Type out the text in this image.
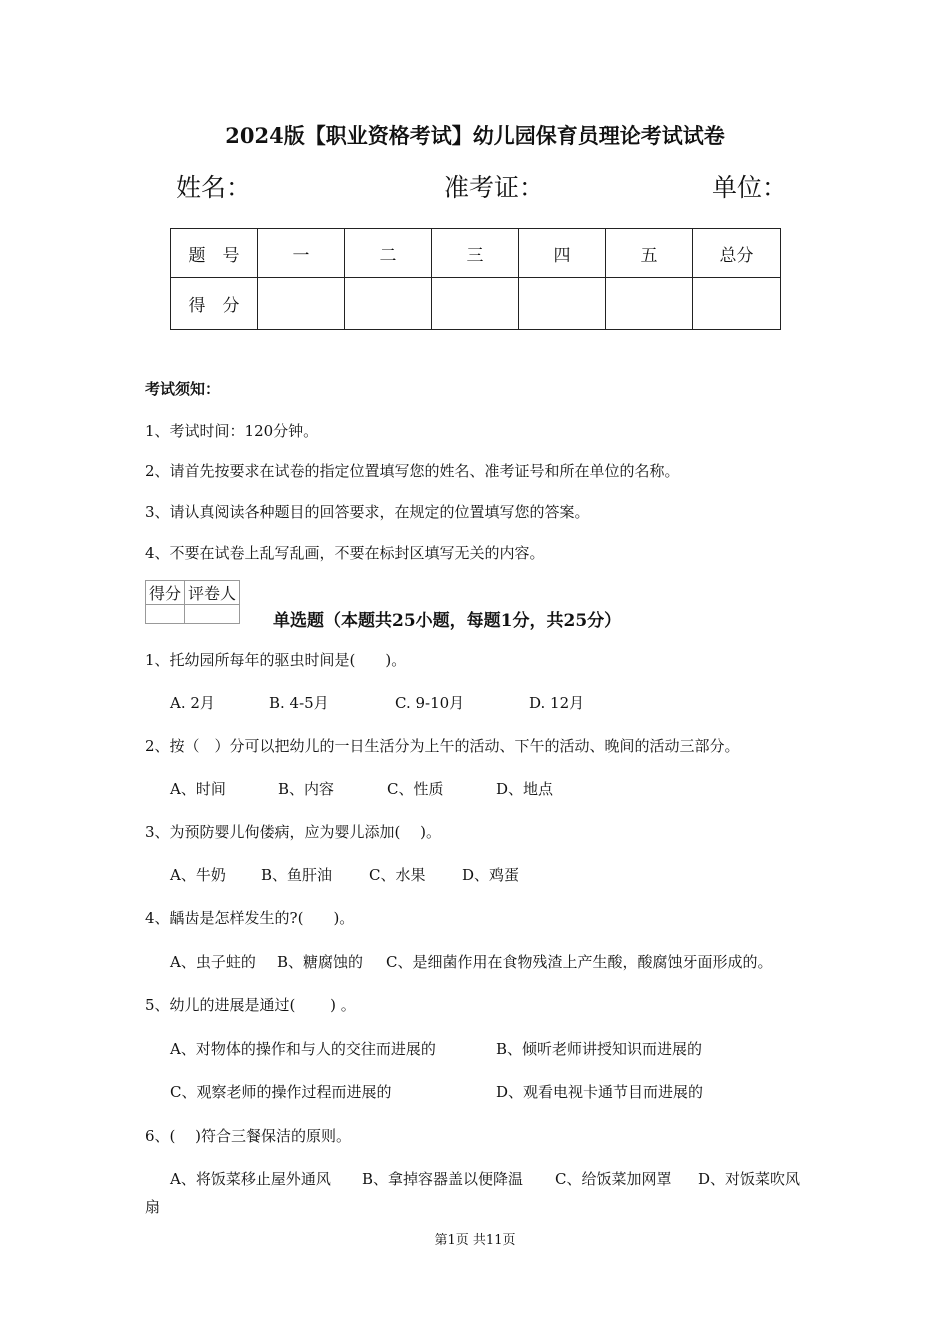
2024版【职业资格考试】幼儿园保育员理论考试试卷
姓名：	准考证：	单位：
题　号	一	二	三	四	五	总分
得　分						
考试须知：
1、考试时间：120分钟。
2、请首先按要求在试卷的指定位置填写您的姓名、准考证号和所在单位的名称。
3、请认真阅读各种题目的回答要求，在规定的位置填写您的答案。
4、不要在试卷上乱写乱画，不要在标封区填写无关的内容。
得分	评卷人

单选题（本题共25小题，每题1分，共25分）
1、托幼园所每年的驱虫时间是(　　)。
A. 2月	B. 4-5月	C. 9-10月	D. 12月
2、按（　）分可以把幼儿的一日生活分为上午的活动、下午的活动、晚间的活动三部分。
A、时间	B、内容	C、性质	D、地点
3、为预防婴儿佝偻病，应为婴儿添加(　 )。
A、牛奶 B、鱼肝油 C、水果 D、鸡蛋
4、龋齿是怎样发生的?(　　)。
A、虫子蛀的 B、糖腐蚀的 C、是细菌作用在食物残渣上产生酸，酸腐蚀牙面形成的。
5、幼儿的进展是通过(　　 ) 。
A、对物体的操作和与人的交往而进展的	B、倾听老师讲授知识而进展的
C、观察老师的操作过程而进展的	D、观看电视卡通节目而进展的
6、(　 )符合三餐保洁的原则。
A、将饭菜移止屋外通风 B、拿掉容器盖以便降温 C、给饭菜加网罩 D、对饭菜吹风
扇
第1页 共11页
